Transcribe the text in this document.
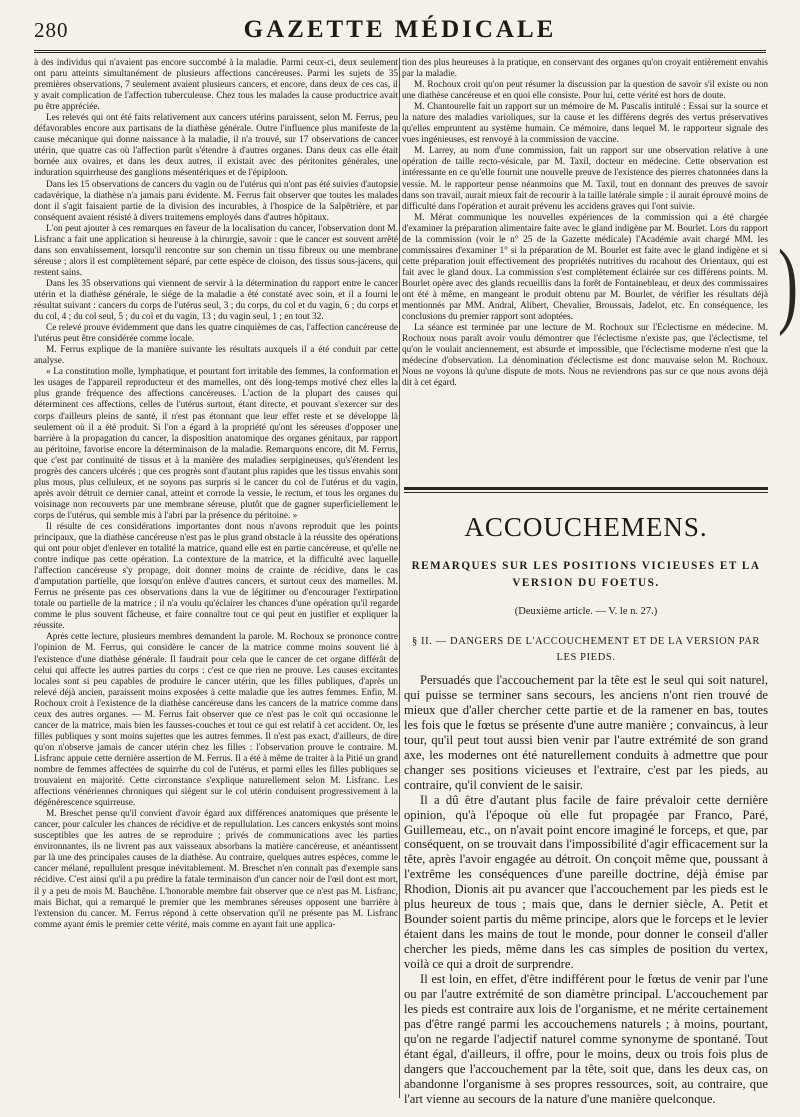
280	GAZETTE MÉDICALE

à des individus qui n'avaient pas encore succombé à la maladie. Parmi ceux-ci, deux seulement ont paru atteints simultanément de plusieurs affections cancéreuses. Parmi les sujets de 35 premières observations, 7 seulement avaient plusieurs cancers, et encore, dans deux de ces cas, il y avait complication de l'affection tuberculeuse. Chez tous les malades la cause productrice avait pu être appréciée.

Les relevés qui ont été faits relativement aux cancers utérins paraissent, selon M. Ferrus, peu défavorables encore aux partisans de la diathèse générale. Outre l'influence plus manifeste de la cause mécanique qui donne naissance à la maladie, il n'a trouvé, sur 17 observations de cancer utérin, que quatre cas où l'affection parût s'étendre à d'autres organes. Dans deux cas elle était bornée aux ovaires, et dans les deux autres, il existait avec des péritonites générales, une induration squirrheuse des ganglions mésentériques et de l'épiploon.

Dans les 15 observations de cancers du vagin ou de l'utérus qui n'ont pas été suivies d'autopsie cadavérique, la diathèse n'a jamais paru évidente. M. Ferrus fait observer que toutes les malades dont il s'agit faisaient partie de la division des incurables, à l'hospice de la Salpêtrière, et par conséquent avaient résisté à divers traitemens employés dans d'autres hôpitaux.

L'on peut ajouter à ces remarques en faveur de la localisation du cancer, l'observation dont M. Lisfranc a fait une application si heureuse à la chirurgie, savoir : que le cancer est souvent arrêté dans son envahissement, lorsqu'il rencontre sur son chemin un tissu fibreux ou une membrane séreuse ; alors il est complètement séparé, par cette espèce de cloison, des tissus sous-jacens, qui restent sains.

Dans les 35 observations qui viennent de servir à la détermination du rapport entre le cancer utérin et la diathèse générale, le siége de la maladie a été constaté avec soin, et il a fourni le résultat suivant : cancers du corps de l'utérus seul, 3 ; du corps, du col et du vagin, 6 ; du corps et du col, 4 ; du col seul, 5 ; du col et du vagin, 13 ; du vagin seul, 1 ; en tout 32.

Ce relevé prouve évidemment que dans les quatre cinquièmes de cas, l'affection cancéreuse de l'utérus peut être considérée comme locale.

M. Ferrus explique de la manière suivante les résultats auxquels il a été conduit par cette analyse.

« La constitution molle, lymphatique, et pourtant fort irritable des femmes, la conformation et les usages de l'appareil reproducteur et des mamelles, ont dès long-temps motivé chez elles la plus grande fréquence des affections cancéreuses. L'action de la plupart des causes qui déterminent ces affections, celles de l'utérus surtout, étant directe, et pouvant s'exercer sur des corps d'ailleurs pleins de santé, il n'est pas étonnant que leur effet reste et se développe là seulement où il a été produit. Si l'on a égard à la propriété qu'ont les séreuses d'opposer une barrière à la propagation du cancer, la disposition anatomique des organes génitaux, par rapport au péritoine, favorise encore la déterminaison de la maladie. Remarquons encore, dit M. Ferrus, que c'est par continuité de tissus et à la manière des maladies serpigineuses, qu's'étendent les progrès des cancers ulcérés ; que ces progrès sont d'autant plus rapides que les tissus envahis sont plus mous, plus celluleux, et ne soyons pas surpris si le cancer du col de l'utérus et du vagin, après avoir détruit ce dernier canal, atteint et corrode la vessie, le rectum, et tous les organes du voisinage non recouverts par une membrane séreuse, plutôt que de gagner superficiellement le corps de l'utérus, qui semble mis à l'abri par la présence du péritoine. »

Il résulte de ces considérations importantes dont nous n'avons reproduit que les points principaux, que la diathèse cancéreuse n'est pas le plus grand obstacle à la réussite des opérations qui ont pour objet d'enlever en totalité la matrice, quand elle est en partie cancéreuse, et qu'elle ne contre indique pas cette opération. La contexture de la matrice, et la difficulté avec laquelle l'affection cancéreuse s'y propage, doit donner moins de crainte de récidive, dans le cas d'amputation partielle, que lorsqu'on enlève d'autres cancers, et surtout ceux des mamelles. M. Ferrus ne présente pas ces observations dans la vue de légitimer ou d'encourager l'extirpation totale ou partielle de la matrice ; il n'a voulu qu'éclairer les chances d'une opération qu'il regarde comme le plus souvent fâcheuse, et faire connaître tout ce qui peut en justifier et expliquer la réussite.

Après cette lecture, plusieurs membres demandent la parole. M. Rochoux se prononce contre l'opinion de M. Ferrus, qui considère le cancer de la matrice comme moins souvent lié à l'existence d'une diathèse générale. Il faudrait pour cela que le cancer de cet organe différât de celui qui affecte les autres parties du corps : c'est ce que rien ne prouve. Les causes excitantes locales sont si peu capables de produire le cancer utérin, que les filles publiques, d'après un relevé déjà ancien, paraissent moins exposées à cette maladie que les autres femmes. Enfin, M. Rochoux croit à l'existence de la diathèse cancéreuse dans les cancers de la matrice comme dans ceux des autres organes. — M. Ferrus fait observer que ce n'est pas le coït qui occasionne le cancer de la matrice, mais bien les fausses-couches et tout ce qui est relatif à cet accident. Or, les filles publiques y sont moins sujettes que les autres femmes. Il n'est pas exact, d'ailleurs, de dire qu'on n'observe jamais de cancer utérin chez les filles : l'observation prouve le contraire. M. Lisfranc appuie cette dernière assertion de M. Ferrus. Il a été à même de traiter à la Pitié un grand nombre de femmes affectées de squirrhe du col de l'utérus, et parmi elles les filles publiques se trouvaient en majorité. Cette circonstance s'explique naturellement selon M. Lisfranc. Les affections vénériennes chroniques qui siégent sur le col utérin conduisent progressivement à la dégénérescence squirreuse.

M. Breschet pense qu'il convient d'avoir égard aux différences anatomiques que présente le cancer, pour calculer les chances de récidive et de repullulation. Les cancers enkystés sont moins susceptibles que les autres de se reproduire ; privés de communications avec les parties environnantes, ils ne livrent pas aux vaisseaux absorbans la matière cancéreuse, et anéantissent par là une des principales causes de la diathèse. Au contraire, quelques autres espèces, comme le cancer mélané, repullulent presque inévitablement. M. Breschet n'en connaît pas d'exemple sans récidive. C'est ainsi qu'il a pu prédire la fatale terminaison d'un cancer noir de l'œil dont est mort, il y a peu de mois M. Bauchêne. L'honorable membre fait observer que ce n'est pas M. Lisfranc, mais Bichat, qui a remarqué le premier que les membranes séreuses opposent une barrière à l'extension du cancer. M. Ferrus répond à cette observation qu'il ne présente pas M. Lisfranc comme ayant émis le premier cette vérité, mais comme en ayant fait une applica-

tion des plus heureuses à la pratique, en conservant des organes qu'on croyait entièrement envahis par la maladie.

M. Rochoux croit qu'on peut résumer la discussion par la question de savoir s'il existe ou non une diathèse cancéreuse et en quoi elle consiste. Pour lui, cette vérité est hors de doute.

M. Chantourelle fait un rapport sur un mémoire de M. Pascalis intitulé : Essai sur la source et la nature des maladies varioliques, sur la cause et les différens degrés des vertus préservatives qu'elles empruntent au système humain. Ce mémoire, dans lequel M. le rapporteur signale des vues ingénieuses, est renvoyé à la commission de vaccine.

M. Larrey, au nom d'une commission, fait un rapport sur une observation relative à une opération de taille recto-vésicale, par M. Taxil, docteur en médecine. Cette observation est intéressante en ce qu'elle fournit une nouvelle preuve de l'existence des pierres chatonnées dans la vessie. M. le rapporteur pense néanmoins que M. Taxil, tout en donnant des preuves de savoir dans son travail, aurait mieux fait de recourir à la taille latérale simple : il aurait éprouvé moins de difficulté dans l'opération et aurait prévenu les accidens graves qui l'ont suivie.

M. Mérat communique les nouvelles expériences de la commission qui a été chargée d'examiner la préparation alimentaire faite avec le gland indigène par M. Bourlet. Lors du rapport de la commission (voir le n° 25 de la Gazette médicale) l'Académie avait chargé MM. les commissaires d'examiner 1° si la préparation de M. Bourlet est faite avec le gland indigène et si cette préparation jouit effectivement des propriétés nutritives du racahout des Orientaux, qui est fait avec le gland doux. La commission s'est complètement éclairée sur ces différens points. M. Bourlet opère avec des glands recueillis dans la forêt de Fontainebleau, et deux des commissaires ont été à même, en mangeant le produit obtenu par M. Bourlet, de vérifier les résultats déjà mentionnés par MM. Andral, Alibert, Chevalier, Broussais, Jadelot, etc. En conséquence, les conclusions du premier rapport sont adoptées.

La séance est terminée par une lecture de M. Rochoux sur l'Eclectisme en médecine. M. Rochoux nous paraît avoir voulu démontrer que l'éclectisme n'existe pas, que l'éclectisme, tel qu'on le voulait anciennement, est absurde et impossible, que l'éclectisme moderne n'est que la médecine d'observation. La dénomination d'éclectisme est donc mauvaise selon M. Rochoux. Nous ne voyons là qu'une dispute de mots. Nous ne reviendrons pas sur ce que nous avons déjà dit à cet égard.

)
ACCOUCHEMENS.
REMARQUES SUR LES POSITIONS VICIEUSES ET LA VERSION DU FOETUS.
(Deuxième article. — V. le n. 27.)
§ II. — DANGERS DE L'ACCOUCHEMENT ET DE LA VERSION PAR LES PIEDS.

Persuadés que l'accouchement par la tête est le seul qui soit naturel, qui puisse se terminer sans secours, les anciens n'ont rien trouvé de mieux que d'aller chercher cette partie et de la ramener en bas, toutes les fois que le fœtus se présente d'une autre manière ; convaincus, à leur tour, qu'il peut tout aussi bien venir par l'autre extrémité de son grand axe, les modernes ont été naturellement conduits à admettre que pour changer ses positions vicieuses et l'extraire, c'est par les pieds, au contraire, qu'il convient de le saisir.

Il a dû être d'autant plus facile de faire prévaloir cette dernière opinion, qu'à l'époque où elle fut propagée par Franco, Paré, Guillemeau, etc., on n'avait point encore imaginé le forceps, et que, par conséquent, on se trouvait dans l'impossibilité d'agir efficacement sur la tête, après l'avoir engagée au détroit. On conçoit même que, poussant à l'extrême les conséquences d'une pareille doctrine, déjà émise par Rhodion, Dionis ait pu avancer que l'accouchement par les pieds est le plus heureux de tous ; mais que, dans le dernier siècle, A. Petit et Bounder soient partis du même principe, alors que le forceps et le levier étaient dans les mains de tout le monde, pour donner le conseil d'aller chercher les pieds, même dans les cas simples de position du vertex, voilà ce qui a droit de surprendre.

Il est loin, en effet, d'être indifférent pour le fœtus de venir par l'une ou par l'autre extrémité de son diamètre principal. L'accouchement par les pieds est contraire aux lois de l'organisme, et ne mérite certainement pas d'être rangé parmi les accouchemens naturels ; à moins, pourtant, qu'on ne regarde l'adjectif naturel comme synonyme de spontané. Tout étant égal, d'ailleurs, il offre, pour le moins, deux ou trois fois plus de dangers que l'accouchement par la tête, soit que, dans les deux cas, on abandonne l'organisme à ses propres ressources, soit, au contraire, que l'art vienne au secours de la nature d'une manière quelconque.
